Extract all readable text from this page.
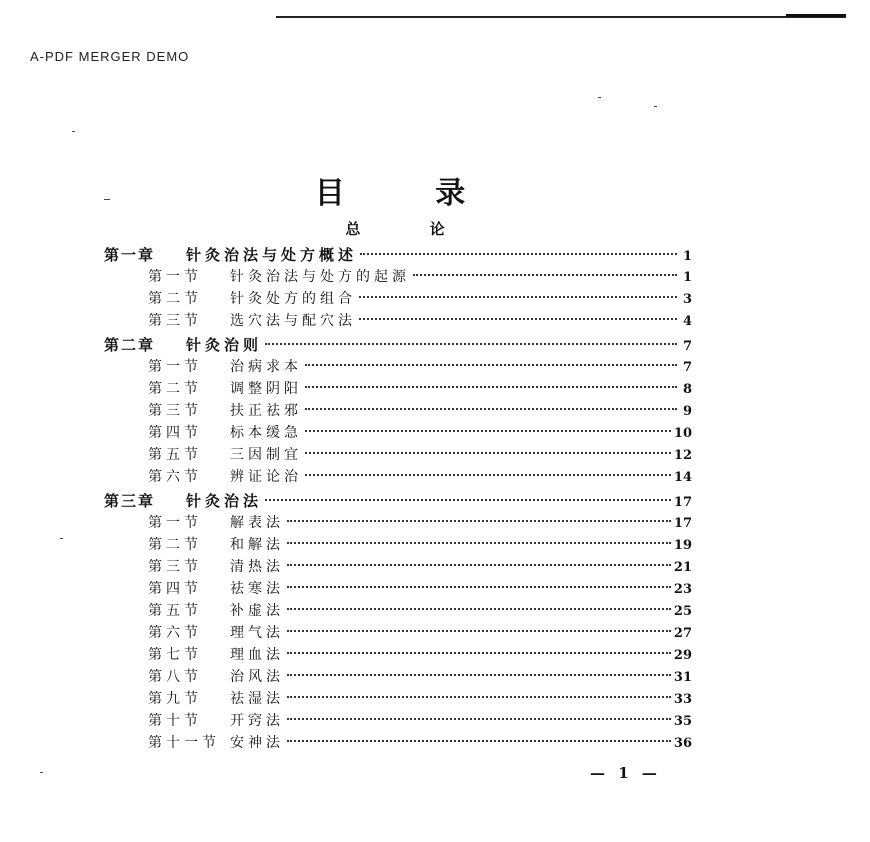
A-PDF MERGER DEMO
目 录
总 论
第一章 针灸治法与处方概述	1
第一节 针灸治法与处方的起源	1
第二节 针灸处方的组合	3
第三节 选穴法与配穴法	4
第二章 针灸治则	7
第一节 治病求本	7
第二节 调整阴阳	8
第三节 扶正祛邪	9
第四节 标本缓急	10
第五节 三因制宜	12
第六节 辨证论治	14
第三章 针灸治法	17
第一节 解表法	17
第二节 和解法	19
第三节 清热法	21
第四节 祛寒法	23
第五节 补虚法	25
第六节 理气法	27
第七节 理血法	29
第八节 治风法	31
第九节 祛湿法	33
第十节 开窍法	35
第十一节 安神法	36
— 1 —
